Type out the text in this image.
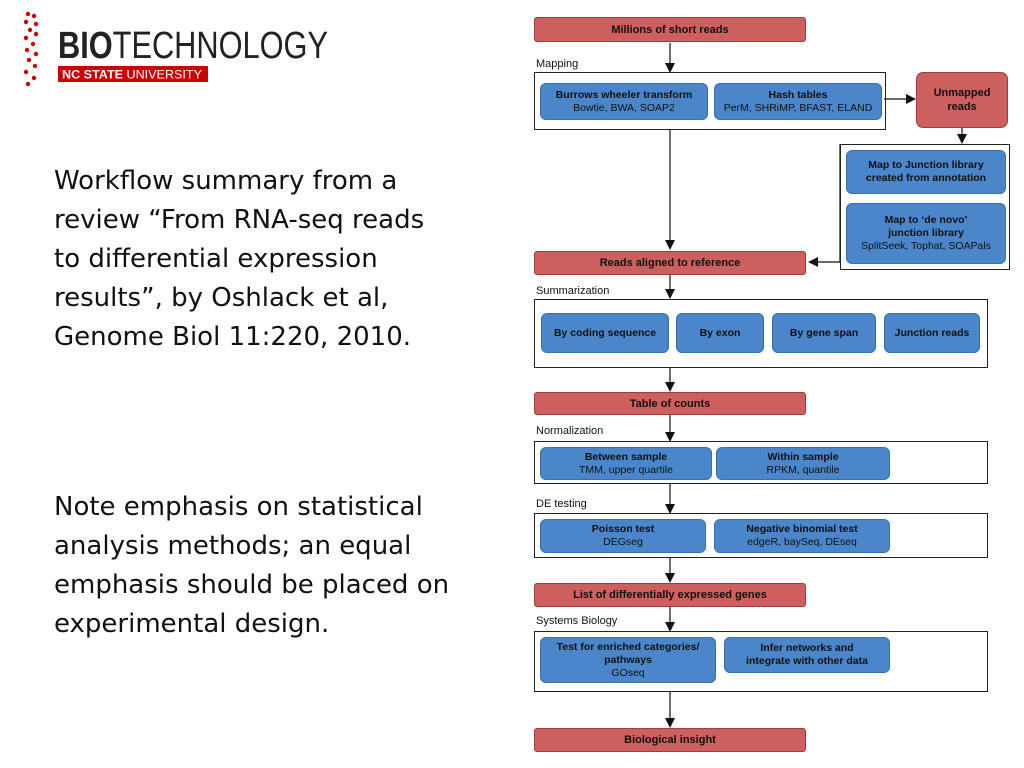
BIOTECHNOLOGY
NC STATE UNIVERSITY
Workflow summary from a review “From RNA-seq reads to differential expression results”, by Oshlack et al, Genome Biol 11:220, 2010.
Note emphasis on statistical analysis methods; an equal emphasis should be placed on experimental design.
Millions of short reads
Mapping
Burrows wheeler transform
Bowtie, BWA, SOAP2
Hash tables
PerM, SHRiMP, BFAST, ELAND
Unmapped
reads
Map to Junction library
created from annotation
Map to ‘de novo’
junction library
SplitSeek, Tophat, SOAPals
Reads aligned to reference
Summarization
By coding sequence	By exon	By gene span	Junction reads
Table of counts
Normalization
Between sample
TMM, upper quartile
Within sample
RPKM, quantile
DE testing
Poisson test
DEGseg
Negative binomial test
edgeR, baySeq, DEseq
List of differentially expressed genes
Systems Biology
Test for enriched categories/
pathways
GOseq
Infer networks and
integrate with other data
Biological insight
